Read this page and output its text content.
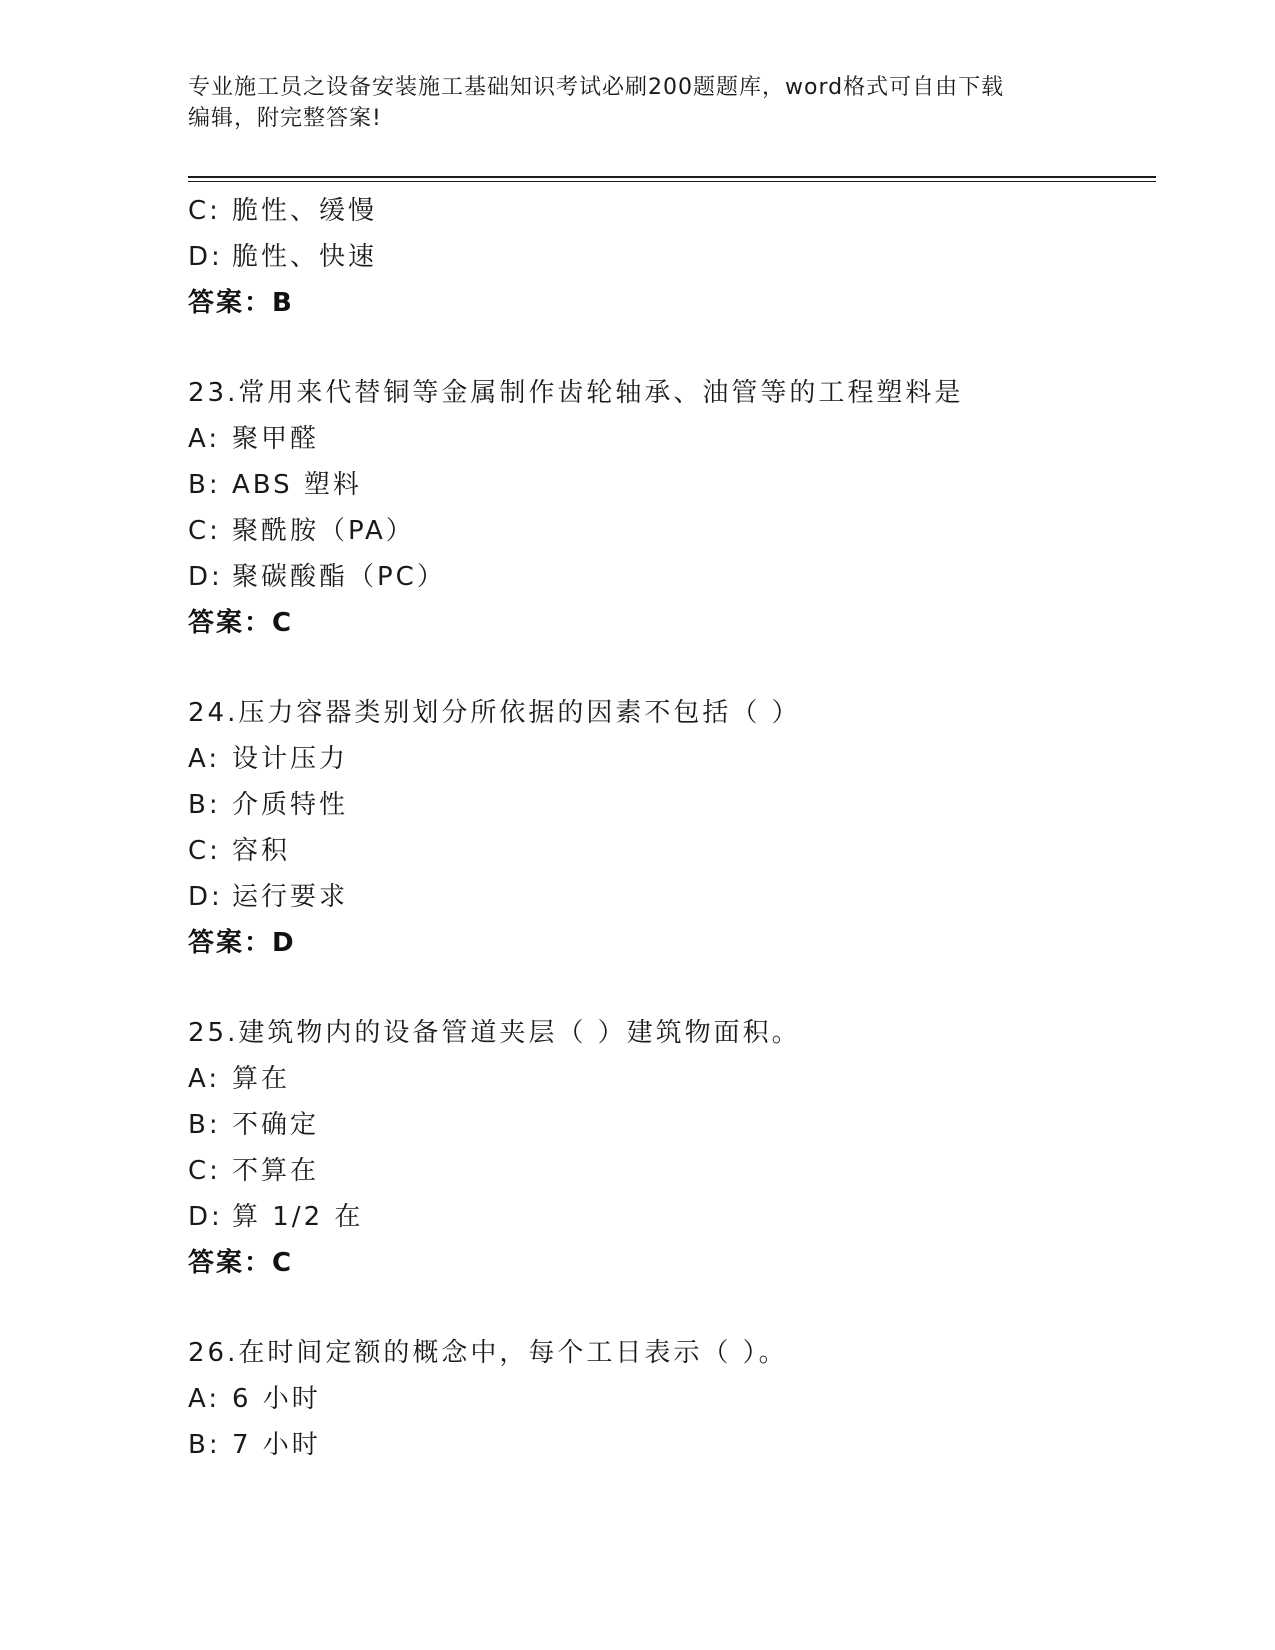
专业施工员之设备安装施工基础知识考试必刷200题题库，word格式可自由下载
编辑，附完整答案!
C: 脆性、缓慢
D: 脆性、快速
答案：B
23.常用来代替铜等金属制作齿轮轴承、油管等的工程塑料是
A: 聚甲醛
B: ABS 塑料
C: 聚酰胺（PA）
D: 聚碳酸酯（PC）
答案：C
24.压力容器类别划分所依据的因素不包括（ ）
A: 设计压力
B: 介质特性
C: 容积
D: 运行要求
答案：D
25.建筑物内的设备管道夹层（ ）建筑物面积。
A: 算在
B: 不确定
C: 不算在
D: 算 1/2 在
答案：C
26.在时间定额的概念中，每个工日表示（ ）。
A: 6 小时
B: 7 小时
